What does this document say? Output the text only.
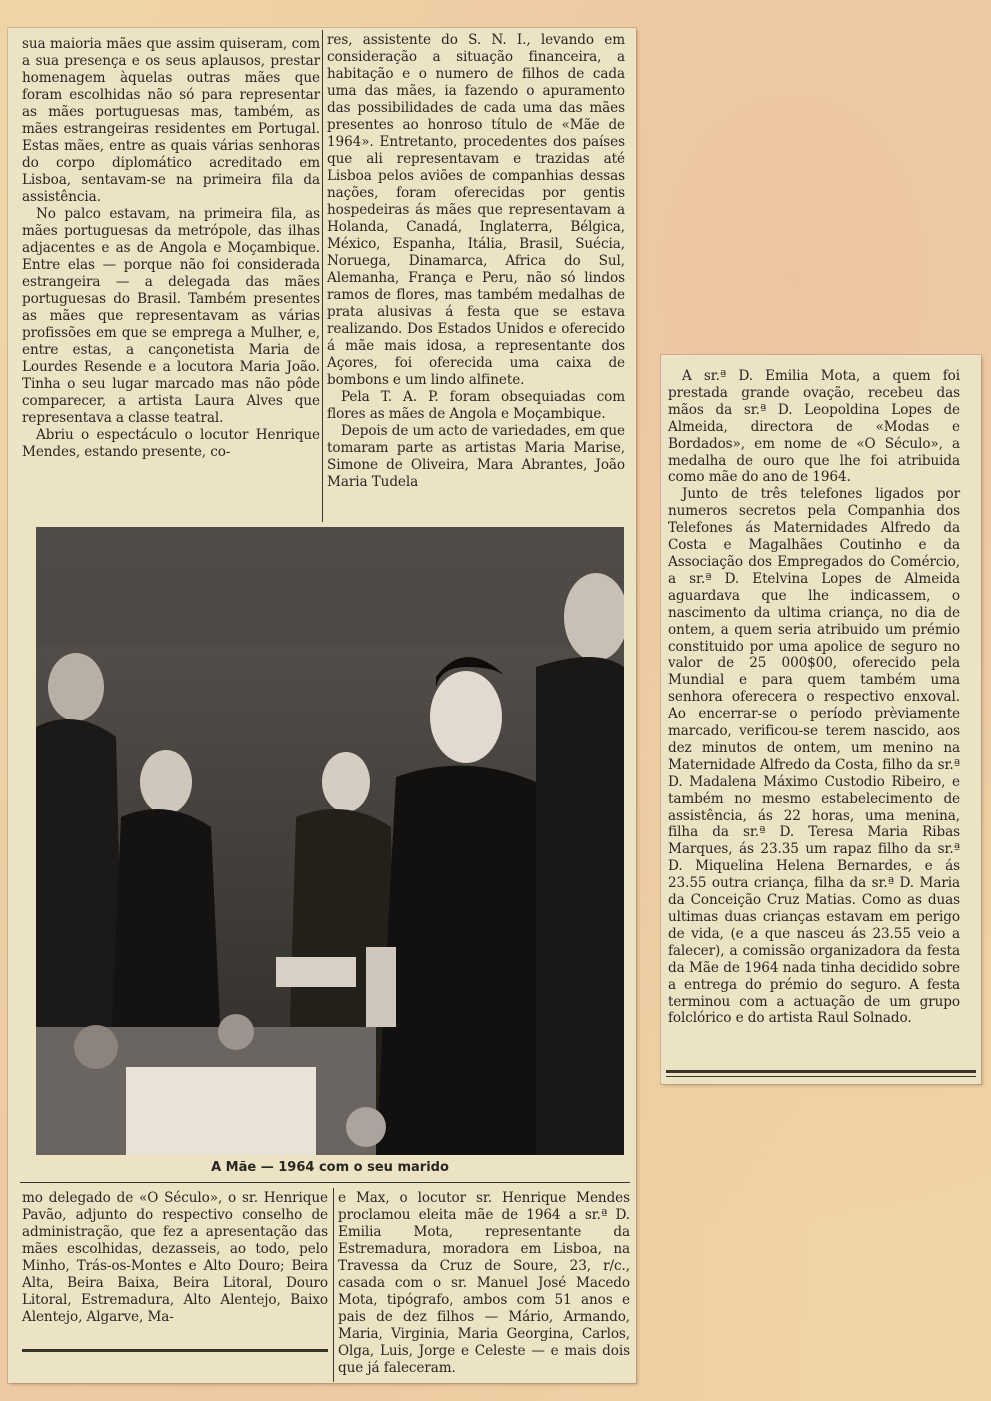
sua maioria mães que assim quiseram, com a sua presença e os seus aplausos, prestar homenagem àquelas outras mães que foram escolhidas não só para representar as mães portuguesas mas, também, as mães estrangeiras residentes em Portugal. Estas mães, entre as quais várias senhoras do corpo diplomático acreditado em Lisboa, sentavam-se na primeira fila da assistência.

No palco estavam, na primeira fila, as mães portuguesas da metrópole, das ilhas adjacentes e as de Angola e Moçambique. Entre elas — porque não foi considerada estrangeira — a delegada das mães portuguesas do Brasil. Também presentes as mães que representavam as várias profissões em que se emprega a Mulher, e, entre estas, a cançonetista Maria de Lourdes Resende e a locutora Maria João. Tinha o seu lugar marcado mas não pôde comparecer, a artista Laura Alves que representava a classe teatral.

Abriu o espectáculo o locutor Henrique Mendes, estando presente, co-

res, assistente do S. N. I., levando em consideração a situação financeira, a habitação e o numero de filhos de cada uma das mães, ia fazendo o apuramento das possibilidades de cada uma das mães presentes ao honroso título de «Mãe de 1964». Entretanto, procedentes dos países que ali representavam e trazidas até Lisboa pelos aviões de companhias dessas nações, foram oferecidas por gentis hospedeiras ás mães que representavam a Holanda, Canadá, Inglaterra, Bélgica, México, Espanha, Itália, Brasil, Suécia, Noruega, Dinamarca, Africa do Sul, Alemanha, França e Peru, não só lindos ramos de flores, mas também medalhas de prata alusivas á festa que se estava realizando. Dos Estados Unidos e oferecido á mãe mais idosa, a representante dos Açores, foi oferecida uma caixa de bombons e um lindo alfinete.

Pela T. A. P. foram obsequiadas com flores as mães de Angola e Moçambique.

Depois de um acto de variedades, em que tomaram parte as artistas Maria Marise, Simone de Oliveira, Mara Abrantes, João Maria Tudela

A sr.ª D. Emilia Mota, a quem foi prestada grande ovação, recebeu das mãos da sr.ª D. Leopoldina Lopes de Almeida, directora de «Modas e Bordados», em nome de «O Século», a medalha de ouro que lhe foi atribuida como mãe do ano de 1964.

Junto de três telefones ligados por numeros secretos pela Companhia dos Telefones ás Maternidades Alfredo da Costa e Magalhães Coutinho e da Associação dos Empregados do Comércio, a sr.ª D. Etelvina Lopes de Almeida aguardava que lhe indicassem, o nascimento da ultima criança, no dia de ontem, a quem seria atribuido um prémio constituido por uma apolice de seguro no valor de 25 000$00, oferecido pela Mundial e para quem também uma senhora oferecera o respectivo enxoval. Ao encerrar-se o período prèviamente marcado, verificou-se terem nascido, aos dez minutos de ontem, um menino na Maternidade Alfredo da Costa, filho da sr.ª D. Madalena Máximo Custodio Ribeiro, e também no mesmo estabelecimento de assistência, ás 22 horas, uma menina, filha da sr.ª D. Teresa Maria Ribas Marques, ás 23.35 um rapaz filho da sr.ª D. Miquelina Helena Bernardes, e ás 23.55 outra criança, filha da sr.ª D. Maria da Conceição Cruz Matias. Como as duas ultimas duas crianças estavam em perigo de vida, (e a que nasceu ás 23.55 veio a falecer), a comissão organizadora da festa da Mãe de 1964 nada tinha decidido sobre a entrega do prémio do seguro. A festa terminou com a actuação de um grupo folclórico e do artista Raul Solnado.

A Mãe — 1964 com o seu marido

mo delegado de «O Século», o sr. Henrique Pavão, adjunto do respectivo conselho de administração, que fez a apresentação das mães escolhidas, dezasseis, ao todo, pelo Minho, Trás-os-Montes e Alto Douro; Beira Alta, Beira Baixa, Beira Litoral, Douro Litoral, Estremadura, Alto Alentejo, Baixo Alentejo, Algarve, Ma-

e Max, o locutor sr. Henrique Mendes proclamou eleita mãe de 1964 a sr.ª D. Emilia Mota, representante da Estremadura, moradora em Lisboa, na Travessa da Cruz de Soure, 23, r/c., casada com o sr. Manuel José Macedo Mota, tipógrafo, ambos com 51 anos e pais de dez filhos — Mário, Armando, Maria, Virginia, Maria Georgina, Carlos, Olga, Luis, Jorge e Celeste — e mais dois que já faleceram.
